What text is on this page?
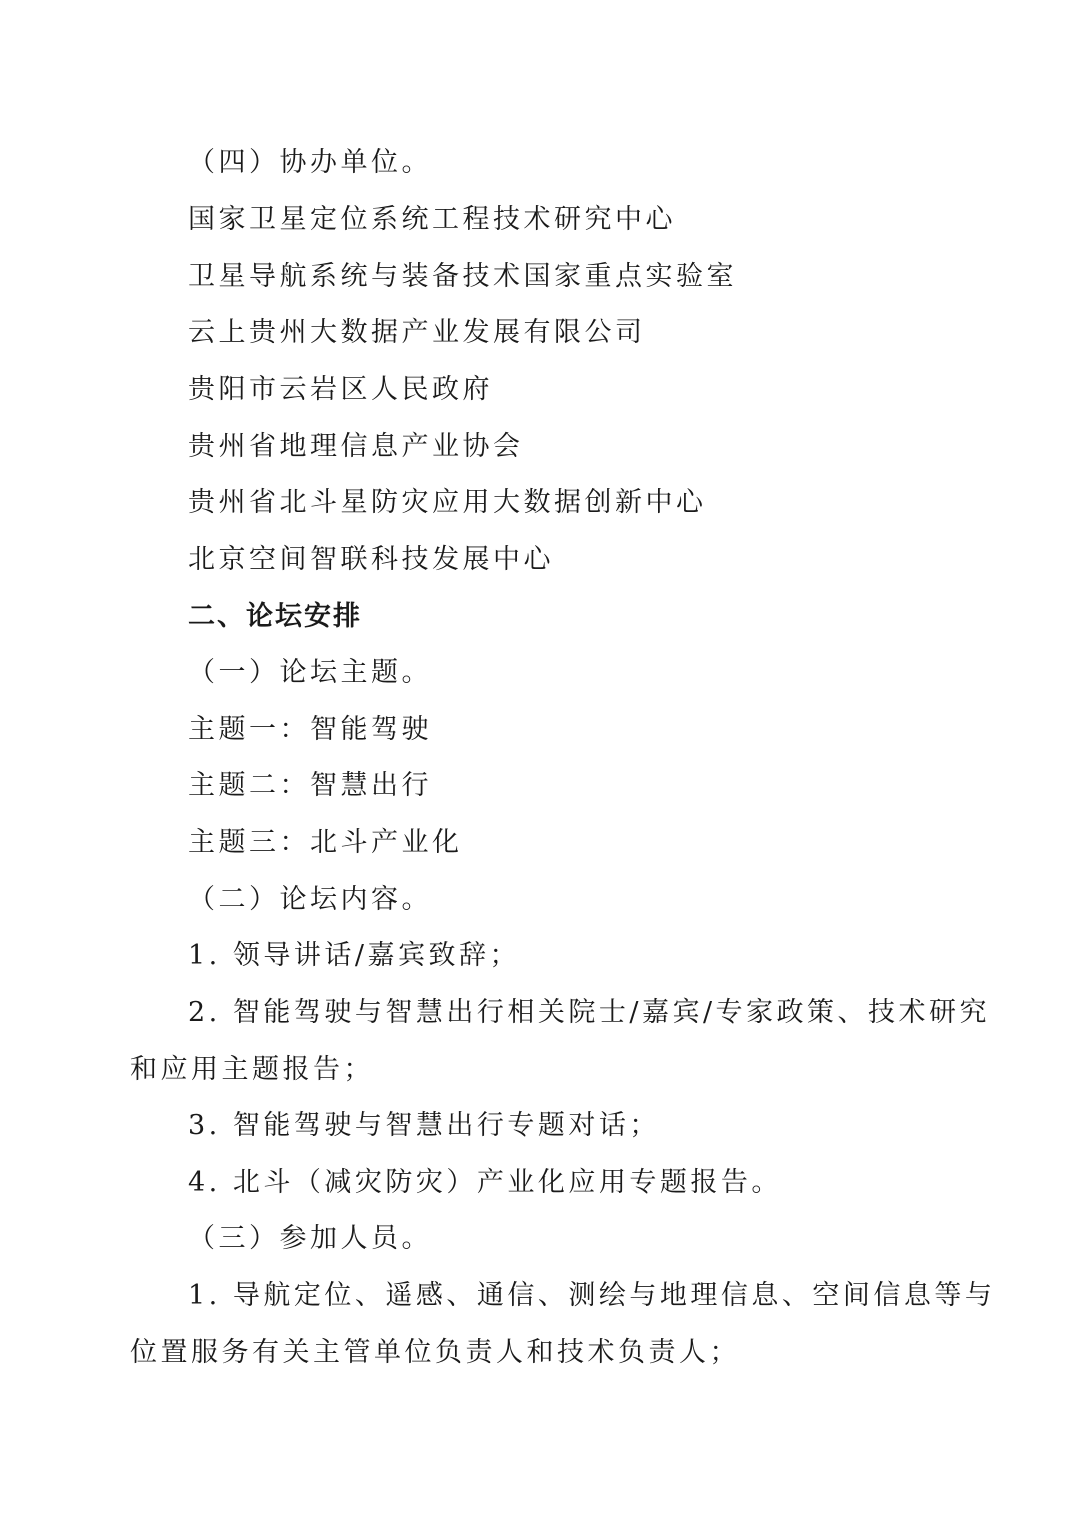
（四）协办单位。
国家卫星定位系统工程技术研究中心
卫星导航系统与装备技术国家重点实验室
云上贵州大数据产业发展有限公司
贵阳市云岩区人民政府
贵州省地理信息产业协会
贵州省北斗星防灾应用大数据创新中心
北京空间智联科技发展中心
二、论坛安排
（一）论坛主题。
主题一：智能驾驶
主题二：智慧出行
主题三：北斗产业化
（二）论坛内容。
1. 领导讲话/嘉宾致辞；
2. 智能驾驶与智慧出行相关院士/嘉宾/专家政策、技术研究
和应用主题报告；
3. 智能驾驶与智慧出行专题对话；
4. 北斗（减灾防灾）产业化应用专题报告。
（三）参加人员。
1. 导航定位、遥感、通信、测绘与地理信息、空间信息等与
位置服务有关主管单位负责人和技术负责人；
